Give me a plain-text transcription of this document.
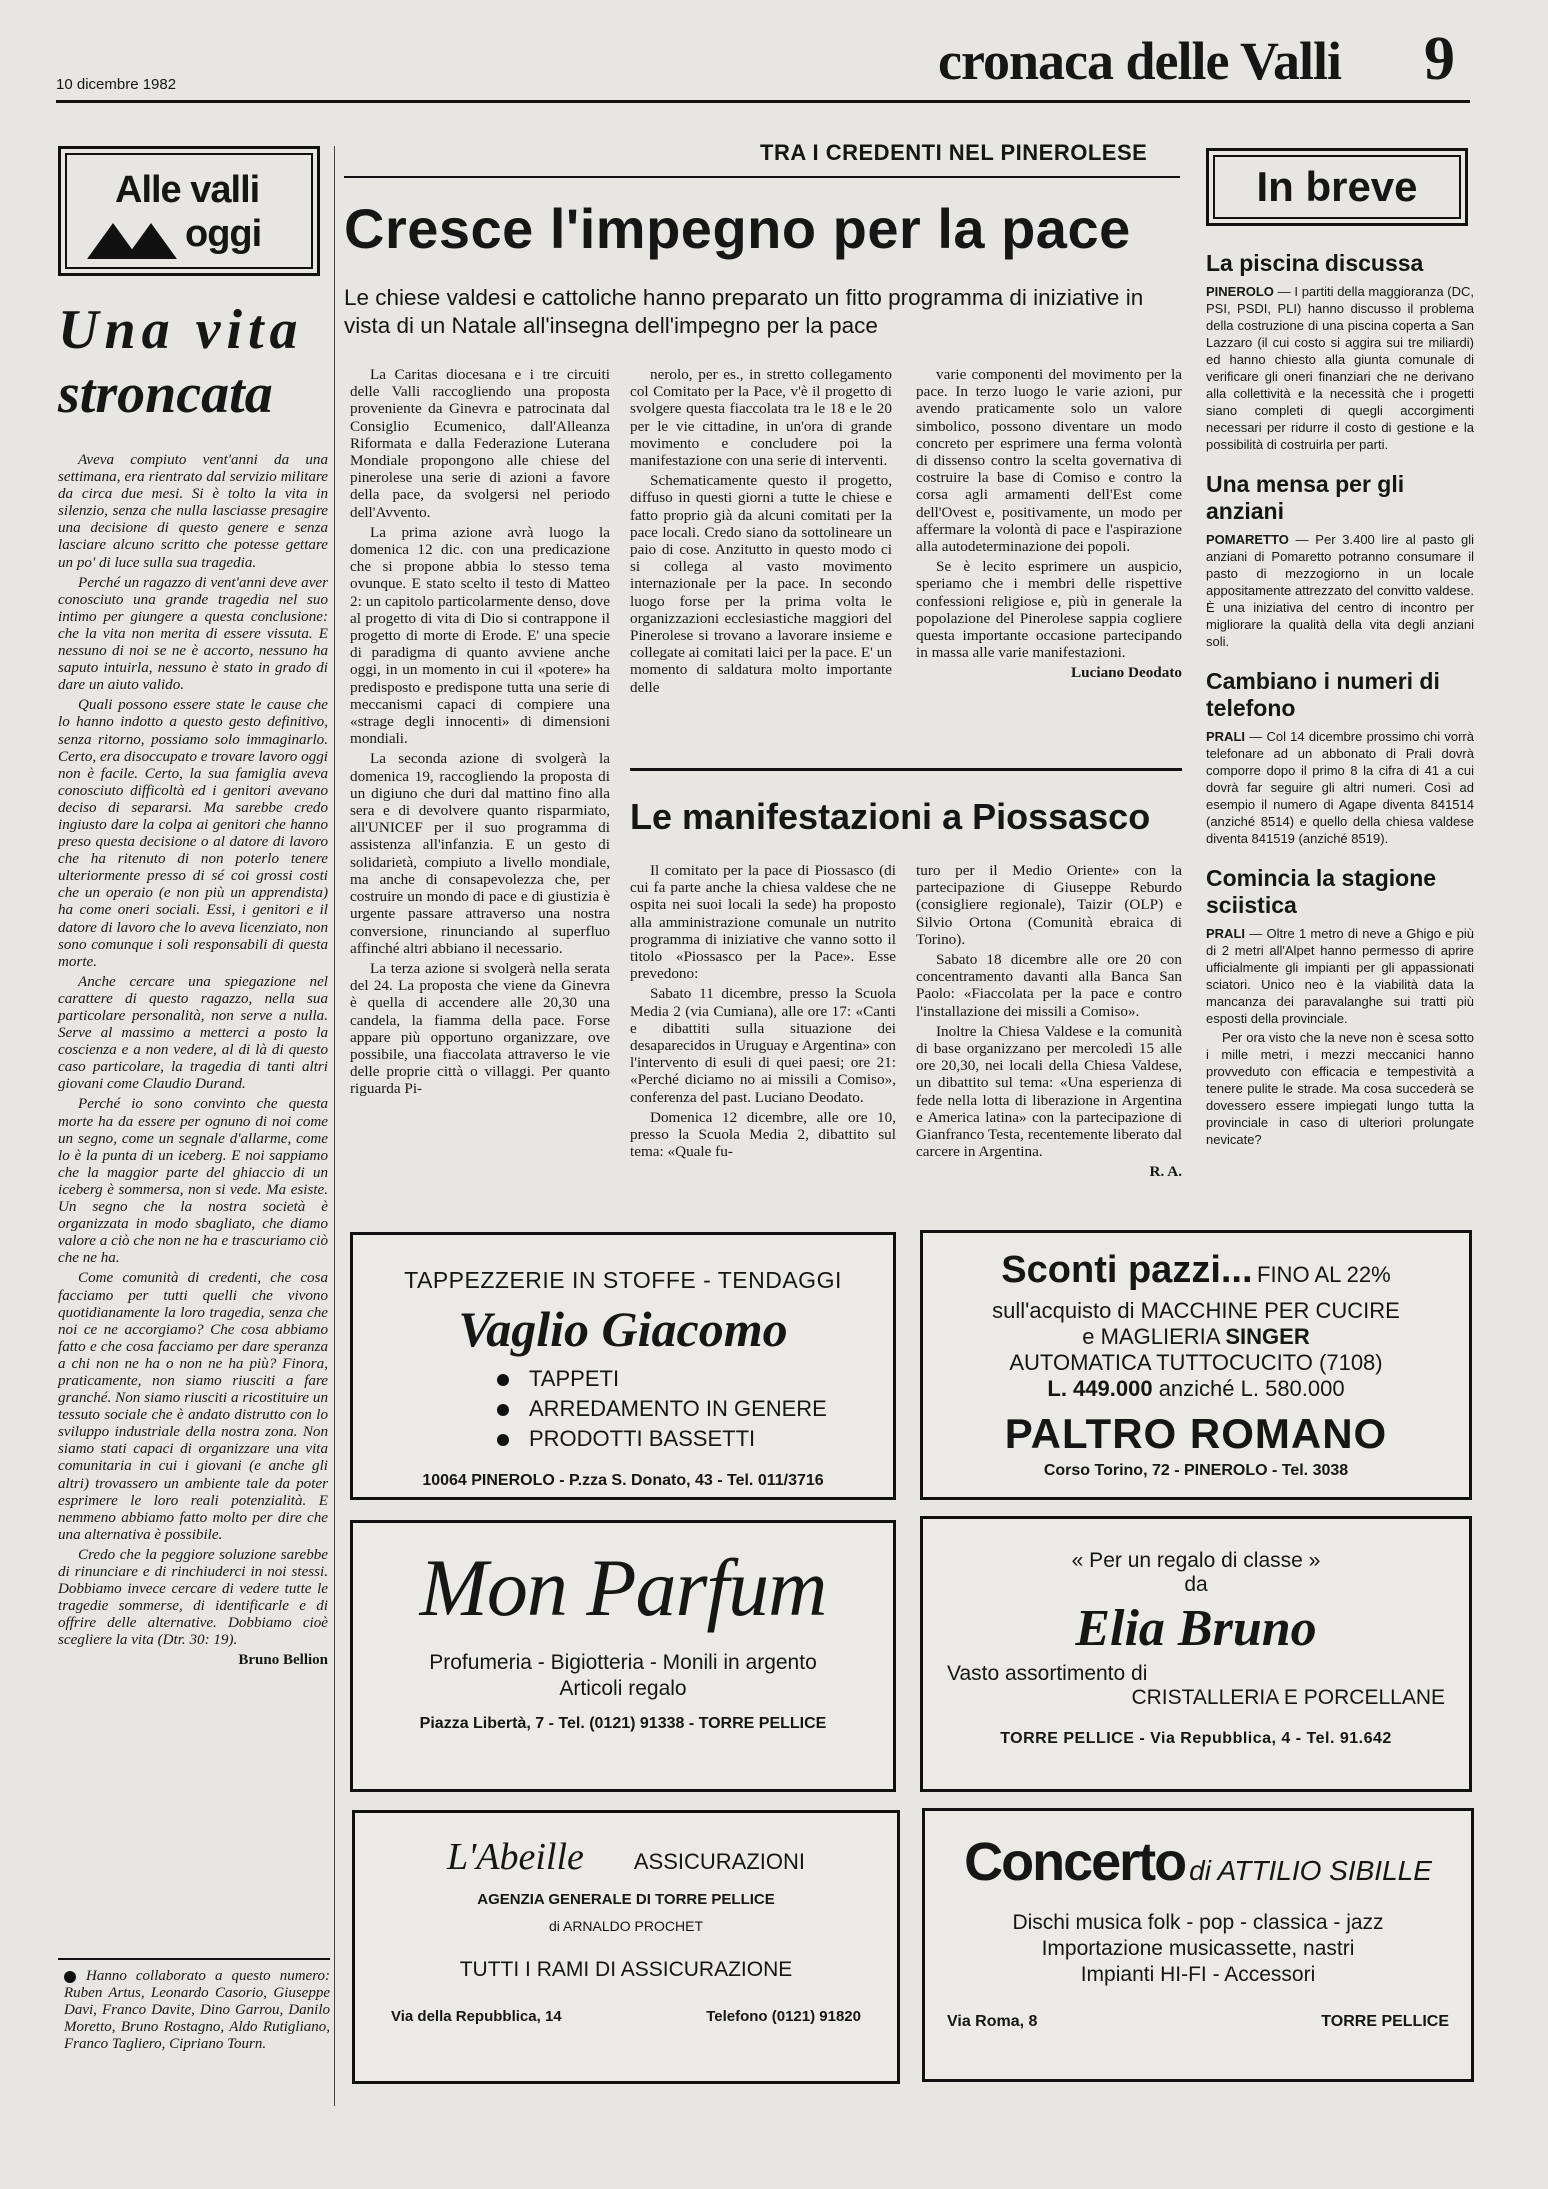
10 dicembre 1982	cronaca delle Valli 9
Alle valli
oggi
Una vita
stroncata

Aveva compiuto vent'anni da una settimana, era rientrato dal servizio militare da circa due mesi. Si è tolto la vita in silenzio, senza che nulla lasciasse presagire una decisione di questo genere e senza lasciare alcuno scritto che potesse gettare un po' di luce sulla sua tragedia.

Perché un ragazzo di vent'anni deve aver conosciuto una grande tragedia nel suo intimo per giungere a questa conclusione: che la vita non merita di essere vissuta. E nessuno di noi se ne è accorto, nessuno ha saputo intuirla, nessuno è stato in grado di dare un aiuto valido.

Quali possono essere state le cause che lo hanno indotto a questo gesto definitivo, senza ritorno, possiamo solo immaginarlo. Certo, era disoccupato e trovare lavoro oggi non è facile. Certo, la sua famiglia aveva conosciuto difficoltà ed i genitori avevano deciso di separarsi. Ma sarebbe credo ingiusto dare la colpa ai genitori che hanno preso questa decisione o al datore di lavoro che ha ritenuto di non poterlo tenere ulteriormente presso di sé coi grossi costi che un operaio (e non più un apprendista) ha come oneri sociali. Essi, i genitori e il datore di lavoro che lo aveva licenziato, non sono comunque i soli responsabili di questa morte.

Anche cercare una spiegazione nel carattere di questo ragazzo, nella sua particolare personalità, non serve a nulla. Serve al massimo a metterci a posto la coscienza e a non vedere, al di là di questo caso particolare, la tragedia di tanti altri giovani come Claudio Durand.

Perché io sono convinto che questa morte ha da essere per ognuno di noi come un segno, come un segnale d'allarme, come lo è la punta di un iceberg. E noi sappiamo che la maggior parte del ghiaccio di un iceberg è sommersa, non si vede. Ma esiste. Un segno che la nostra società è organizzata in modo sbagliato, che diamo valore a ciò che non ne ha e trascuriamo ciò che ne ha.

Come comunità di credenti, che cosa facciamo per tutti quelli che vivono quotidianamente la loro tragedia, senza che noi ce ne accorgiamo? Che cosa abbiamo fatto e che cosa facciamo per dare speranza a chi non ne ha o non ne ha più? Finora, praticamente, non siamo riusciti a fare granché. Non siamo riusciti a ricostituire un tessuto sociale che è andato distrutto con lo sviluppo industriale della nostra zona. Non siamo stati capaci di organizzare una vita comunitaria in cui i giovani (e anche gli altri) trovassero un ambiente tale da poter esprimere le loro reali potenzialità. E nemmeno abbiamo fatto molto per dire che una alternativa è possibile.

Credo che la peggiore soluzione sarebbe di rinunciare e di rinchiuderci in noi stessi. Dobbiamo invece cercare di vedere tutte le tragedie sommerse, di identificarle e di offrire delle alternative. Dobbiamo cioè scegliere la vita (Dtr. 30: 19).

Bruno Bellion
Hanno collaborato a questo numero: Ruben Artus, Leonardo Casorio, Giuseppe Davi, Franco Davite, Dino Garrou, Danilo Moretto, Bruno Rostagno, Aldo Rutigliano, Franco Tagliero, Cipriano Tourn.
TRA I CREDENTI NEL PINEROLESE
Cresce l'impegno per la pace
Le chiese valdesi e cattoliche hanno preparato un fitto programma di iniziative in vista di un Natale all'insegna dell'impegno per la pace

La Caritas diocesana e i tre circuiti delle Valli raccogliendo una proposta proveniente da Ginevra e patrocinata dal Consiglio Ecumenico, dall'Alleanza Riformata e dalla Federazione Luterana Mondiale propongono alle chiese del pinerolese una serie di azioni a favore della pace, da svolgersi nel periodo dell'Avvento.

La prima azione avrà luogo la domenica 12 dic. con una predicazione che si propone abbia lo stesso tema ovunque. E stato scelto il testo di Matteo 2: un capitolo particolarmente denso, dove al progetto di vita di Dio si contrappone il progetto di morte di Erode. E' una specie di paradigma di quanto avviene anche oggi, in un momento in cui il «potere» ha predisposto e predispone tutta una serie di meccanismi capaci di compiere una «strage degli innocenti» di dimensioni mondiali.

La seconda azione di svolgerà la domenica 19, raccogliendo la proposta di un digiuno che duri dal mattino fino alla sera e di devolvere quanto risparmiato, all'UNICEF per il suo programma di assistenza all'infanzia. E un gesto di solidarietà, compiuto a livello mondiale, ma anche di consapevolezza che, per costruire un mondo di pace e di giustizia è urgente passare attraverso una nostra conversione, rinunciando al superfluo affinché altri abbiano il necessario.

La terza azione si svolgerà nella serata del 24. La proposta che viene da Ginevra è quella di accendere alle 20,30 una candela, la fiamma della pace. Forse appare più opportuno organizzare, ove possibile, una fiaccolata attraverso le vie delle proprie città o villaggi. Per quanto riguarda Pi-

nerolo, per es., in stretto collegamento col Comitato per la Pace, v'è il progetto di svolgere questa fiaccolata tra le 18 e le 20 per le vie cittadine, in un'ora di grande movimento e concludere poi la manifestazione con una serie di interventi.

Schematicamente questo il progetto, diffuso in questi giorni a tutte le chiese e fatto proprio già da alcuni comitati per la pace locali. Credo siano da sottolineare un paio di cose. Anzitutto in questo modo ci si collega al vasto movimento internazionale per la pace. In secondo luogo forse per la prima volta le organizzazioni ecclesiastiche maggiori del Pinerolese si trovano a lavorare insieme e collegate ai comitati laici per la pace. E' un momento di saldatura molto importante delle

varie componenti del movimento per la pace. In terzo luogo le varie azioni, pur avendo praticamente solo un valore simbolico, possono diventare un modo concreto per esprimere una ferma volontà di dissenso contro la scelta governativa di costruire la base di Comiso e contro la corsa agli armamenti dell'Est come dell'Ovest e, positivamente, un modo per affermare la volontà di pace e l'aspirazione alla autodeterminazione dei popoli.

Se è lecito esprimere un auspicio, speriamo che i membri delle rispettive confessioni religiose e, più in generale la popolazione del Pinerolese sappia cogliere questa importante occasione partecipando in massa alle varie manifestazioni.

Luciano Deodato
Le manifestazioni a Piossasco

Il comitato per la pace di Piossasco (di cui fa parte anche la chiesa valdese che ne ospita nei suoi locali la sede) ha proposto alla amministrazione comunale un nutrito programma di iniziative che vanno sotto il titolo «Piossasco per la Pace». Esse prevedono:

Sabato 11 dicembre, presso la Scuola Media 2 (via Cumiana), alle ore 17: «Canti e dibattiti sulla situazione dei desaparecidos in Uruguay e Argentina» con l'intervento di esuli di quei paesi; ore 21: «Perché diciamo no ai missili a Comiso», conferenza del past. Luciano Deodato.

Domenica 12 dicembre, alle ore 10, presso la Scuola Media 2, dibattito sul tema: «Quale fu-

turo per il Medio Oriente» con la partecipazione di Giuseppe Reburdo (consigliere regionale), Taizir (OLP) e Silvio Ortona (Comunità ebraica di Torino).

Sabato 18 dicembre alle ore 20 con concentramento davanti alla Banca San Paolo: «Fiaccolata per la pace e contro l'installazione dei missili a Comiso».

Inoltre la Chiesa Valdese e la comunità di base organizzano per mercoledì 15 alle ore 20,30, nei locali della Chiesa Valdese, un dibattito sul tema: «Una esperienza di fede nella lotta di liberazione in Argentina e America latina» con la partecipazione di Gianfranco Testa, recentemente liberato dal carcere in Argentina.

R. A.
In breve
La piscina discussa
PINEROLO — I partiti della maggioranza (DC, PSI, PSDI, PLI) hanno discusso il problema della costruzione di una piscina coperta a San Lazzaro (il cui costo si aggira sui tre miliardi) ed hanno chiesto alla giunta comunale di verificare gli oneri finanziari che ne derivano alla collettività e la necessità che i progetti siano completi di quegli accorgimenti necessari per ridurre il costo di gestione e la possibilità di costruirla per parti.
Una mensa per gli anziani
POMARETTO — Per 3.400 lire al pasto gli anziani di Pomaretto potranno consumare il pasto di mezzogiorno in un locale appositamente attrezzato del convitto valdese. È una iniziativa del centro di incontro per migliorare la qualità della vita degli anziani soli.
Cambiano i numeri di telefono
PRALI — Col 14 dicembre prossimo chi vorrà telefonare ad un abbonato di Prali dovrà comporre dopo il primo 8 la cifra di 41 a cui dovrà far seguire gli altri numeri. Così ad esempio il numero di Agape diventa 841514 (anziché 8514) e quello della chiesa valdese diventa 841519 (anziché 8519).
Comincia la stagione sciistica
PRALI — Oltre 1 metro di neve a Ghigo e più di 2 metri all'Alpet hanno permesso di aprire ufficialmente gli impianti per gli appassionati sciatori. Unico neo è la viabilità data la mancanza dei paravalanghe sui tratti più esposti della provinciale.
Per ora visto che la neve non è scesa sotto i mille metri, i mezzi meccanici hanno provveduto con efficacia e tempestività a tenere pulite le strade. Ma cosa succederà se dovessero essere impiegati lungo tutta la provinciale in caso di ulteriori prolungate nevicate?
TAPPEZZERIE IN STOFFE - TENDAGGI
Vaglio Giacomo
TAPPETI
ARREDAMENTO IN GENERE
PRODOTTI BASSETTI
10064 PINEROLO - P.zza S. Donato, 43 - Tel. 011/3716
Sconti pazzi... FINO AL 22%
sull'acquisto di MACCHINE PER CUCIRE
e MAGLIERIA SINGER
AUTOMATICA TUTTOCUCITO (7108)
L. 449.000 anziché L. 580.000
PALTRO ROMANO
Corso Torino, 72 - PINEROLO - Tel. 3038
Mon Parfum
Profumeria - Bigiotteria - Monili in argento
Articoli regalo
Piazza Libertà, 7 - Tel. (0121) 91338 - TORRE PELLICE
« Per un regalo di classe »
da
Elia Bruno
Vasto assortimento di
CRISTALLERIA E PORCELLANE
TORRE PELLICE - Via Repubblica, 4 - Tel. 91.642
L'Abeille ASSICURAZIONI
AGENZIA GENERALE DI TORRE PELLICE
di ARNALDO PROCHET
TUTTI I RAMI DI ASSICURAZIONE
Via della Repubblica, 14	Telefono (0121) 91820
Concerto di ATTILIO SIBILLE
Dischi musica folk - pop - classica - jazz
Importazione musicassette, nastri
Impianti HI-FI - Accessori
Via Roma, 8	TORRE PELLICE
